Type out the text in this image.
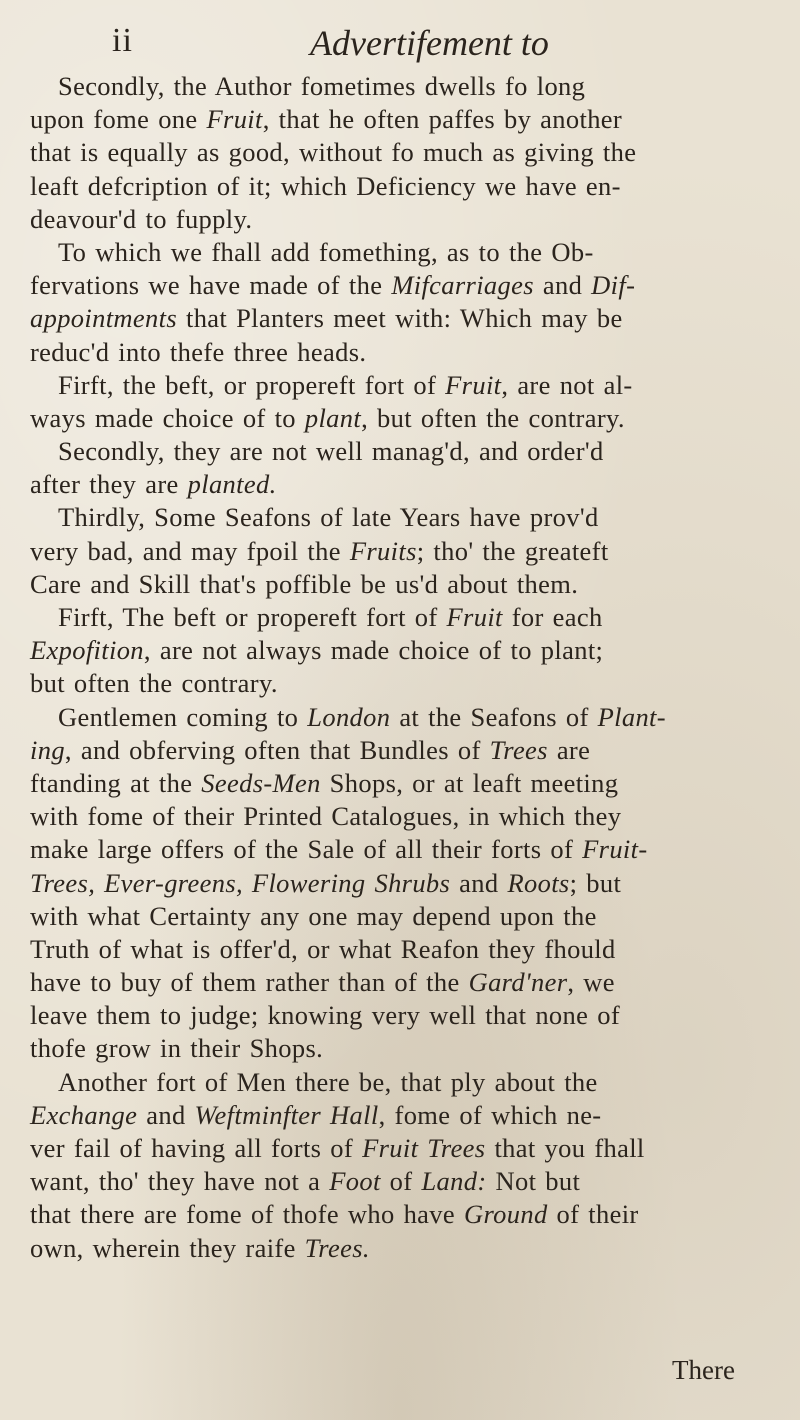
ii	Advertifement to
Secondly, the Author fometimes dwells fo long
upon fome one Fruit, that he often paffes by another
that is equally as good, without fo much as giving the
leaft defcription of it; which Deficiency we have en-
deavour'd to fupply.
To which we fhall add fomething, as to the Ob-
fervations we have made of the Mifcarriages and Dif-
appointments that Planters meet with: Which may be
reduc'd into thefe three heads.
Firft, the beft, or propereft fort of Fruit, are not al-
ways made choice of to plant, but often the contrary.
Secondly, they are not well manag'd, and order'd
after they are planted.
Thirdly, Some Seafons of late Years have prov'd
very bad, and may fpoil the Fruits; tho' the greateft
Care and Skill that's poffible be us'd about them.
Firft, The beft or propereft fort of Fruit for each
Expofition, are not always made choice of to plant;
but often the contrary.
Gentlemen coming to London at the Seafons of Plant-
ing, and obferving often that Bundles of Trees are
ftanding at the Seeds-Men Shops, or at leaft meeting
with fome of their Printed Catalogues, in which they
make large offers of the Sale of all their forts of Fruit-
Trees, Ever-greens, Flowering Shrubs and Roots; but
with what Certainty any one may depend upon the
Truth of what is offer'd, or what Reafon they fhould
have to buy of them rather than of the Gard'ner, we
leave them to judge; knowing very well that none of
thofe grow in their Shops.
Another fort of Men there be, that ply about the
Exchange and Weftminfter Hall, fome of which ne-
ver fail of having all forts of Fruit Trees that you fhall
want, tho' they have not a Foot of Land: Not but
that there are fome of thofe who have Ground of their
own, wherein they raife Trees.
There
